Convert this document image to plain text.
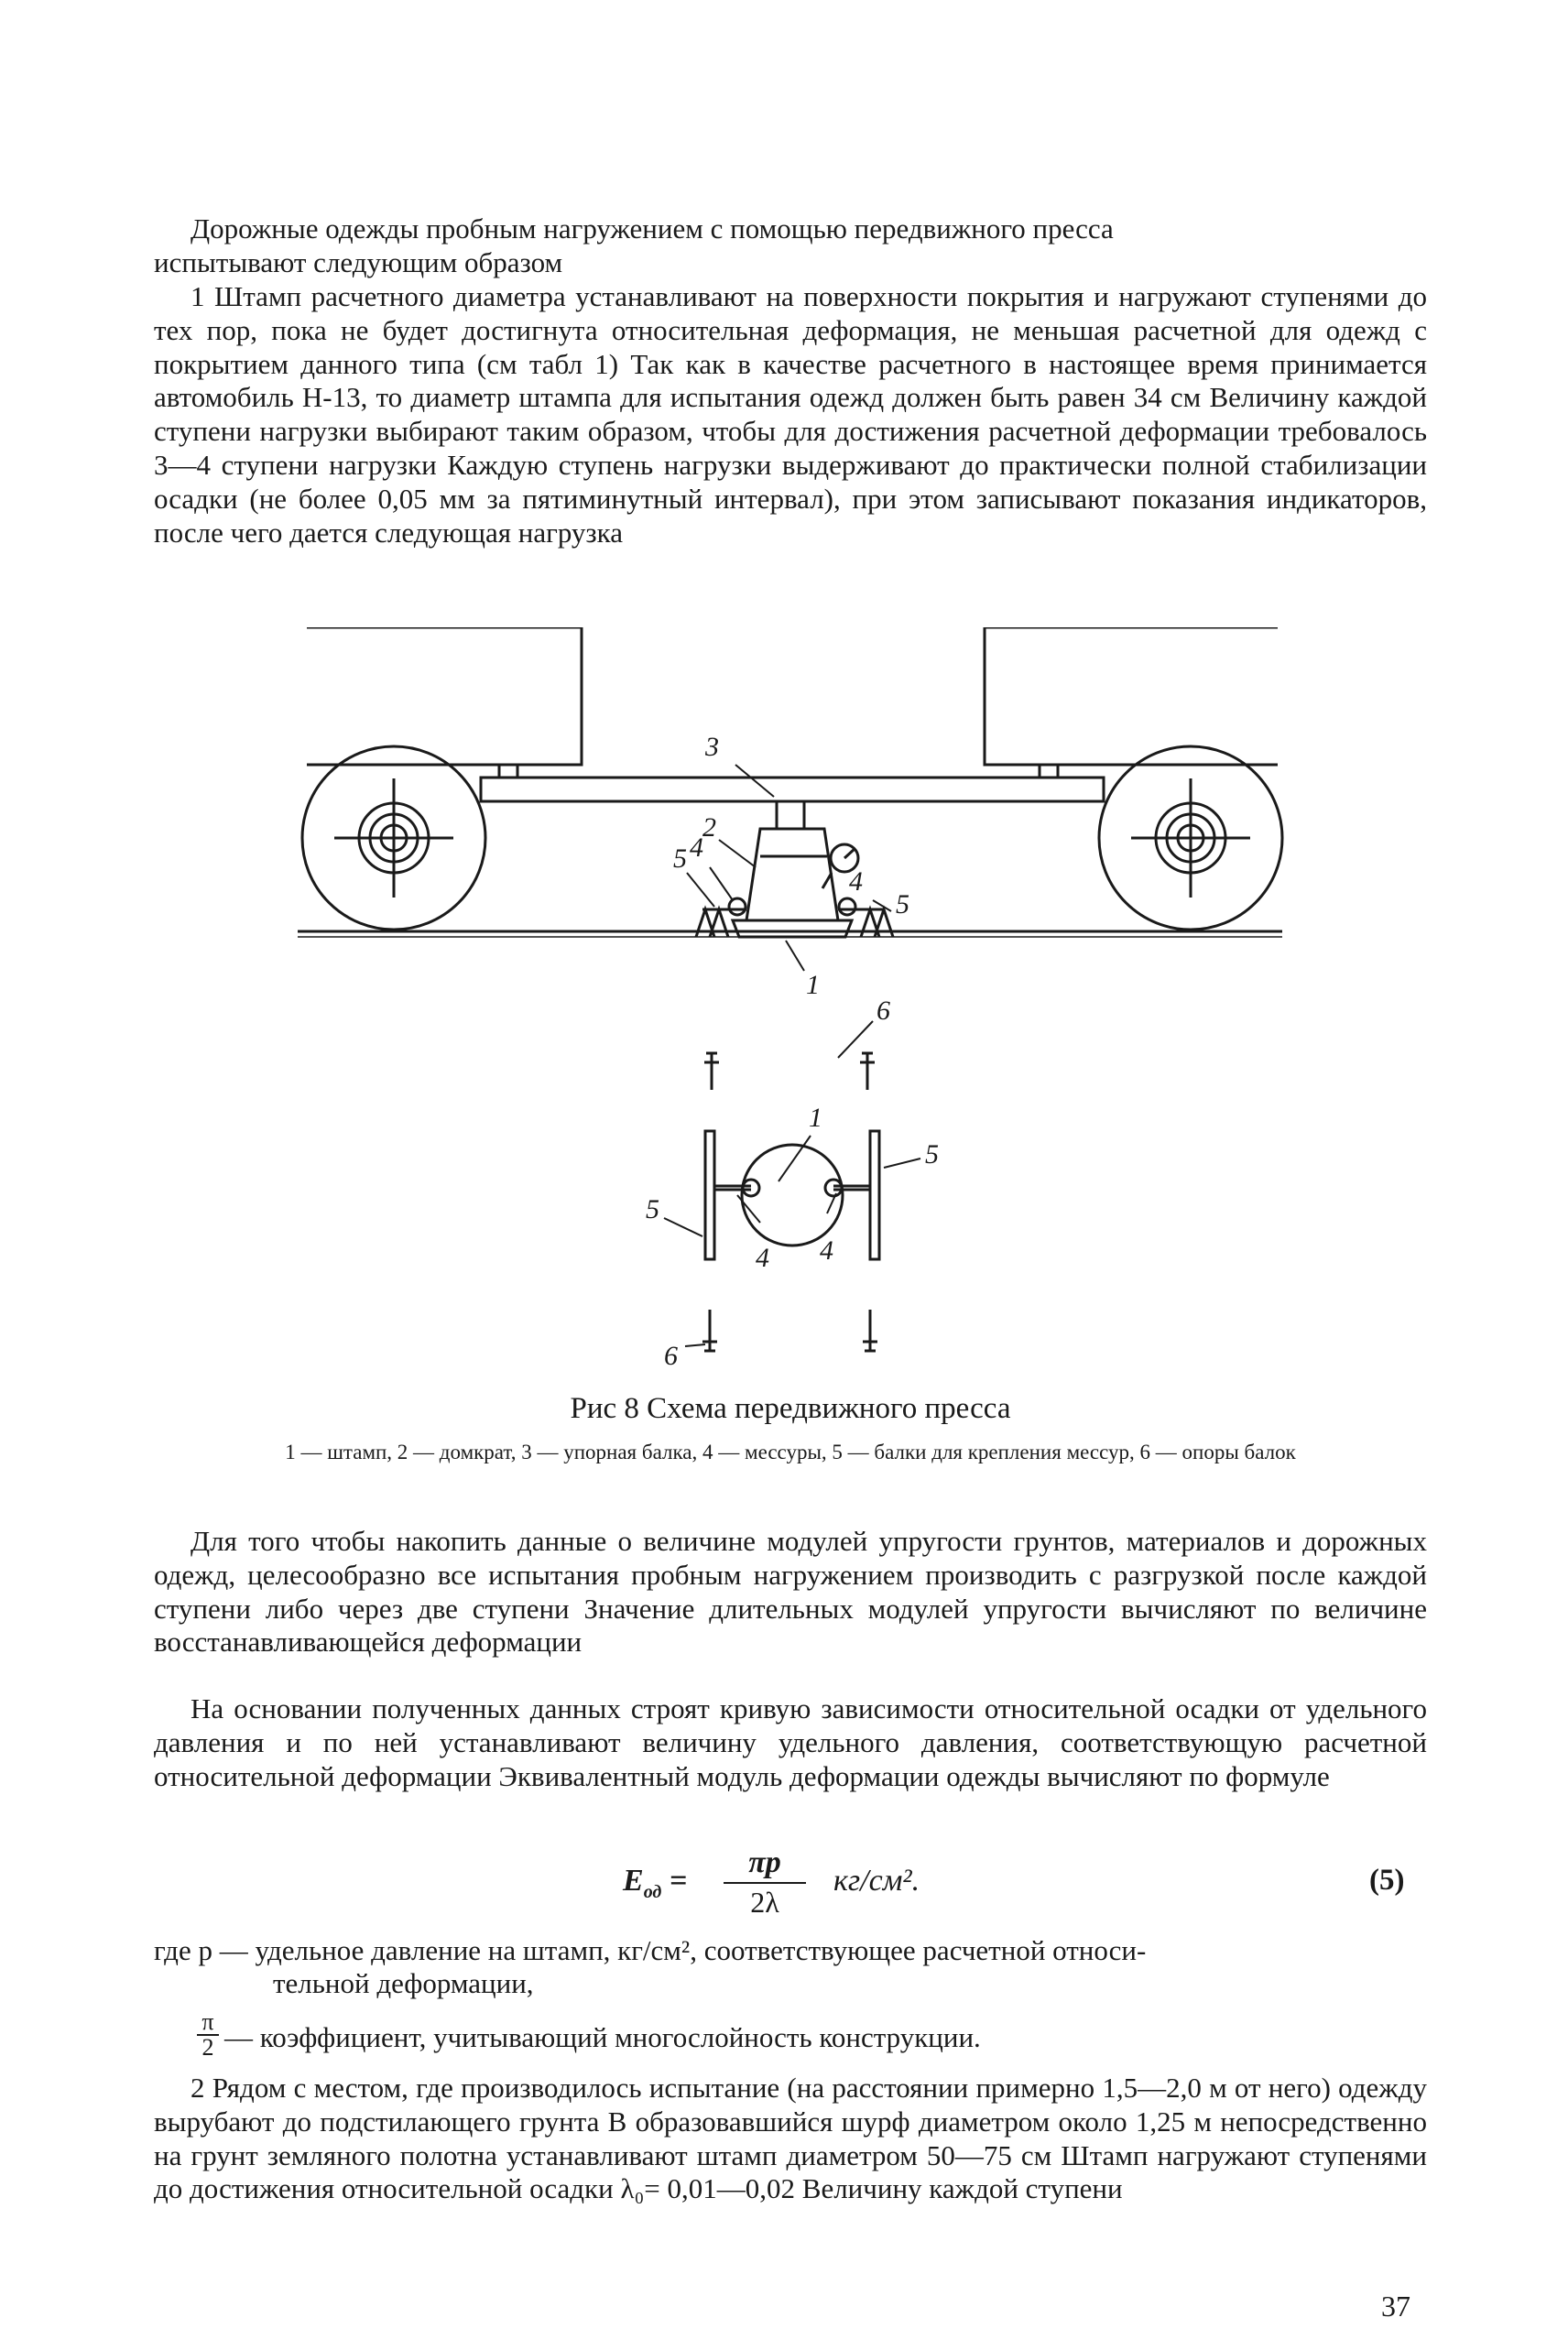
Дорожные одежды пробным нагружением с помощью передвижного пресса
испытывают следующим образом

1 Штамп расчетного диаметра устанавливают на поверхности покрытия и нагружают ступенями до тех пор, пока не будет достигнута относительная деформация, не меньшая расчетной для одежд с покрытием данного типа (см табл 1) Так как в качестве расчетного в настоящее время принимается автомобиль Н-13, то диаметр штампа для испытания одежд должен быть равен 34 см Величину каждой ступени нагрузки выбирают таким образом, чтобы для достижения расчетной деформации требовалось 3—4 ступени нагрузки Каждую ступень нагрузки выдерживают до практически полной стабилизации осадки (не более 0,05 мм за пятиминутный интервал), при этом записывают показания индикаторов, после чего дается следующая нагрузка

3
2
5 4
4
5
1
6
1
5
5
4 4
6
Рис 8 Схема передвижного пресса
1 — штамп, 2 — домкрат, 3 — упорная балка, 4 — мессуры, 5 — балки для крепления мессур, 6 — опоры балок

Для того чтобы накопить данные о величине модулей упругости грунтов, материалов и дорожных одежд, целесообразно все испытания пробным нагружением производить с разгрузкой после каждой ступени либо через две ступени Значение длительных модулей упругости вычисляют по величине восстанавливающейся деформации

На основании полученных данных строят кривую зависимости относительной осадки от удельного давления и по ней устанавливают величину удельного давления, соответствующую расчетной относительной деформации Эквивалентный модуль деформации одежды вычисляют по формуле

$E_{од}$ =
πp
2λ
кг/см².	(5)
где p — удельное давление на штамп, кг/см², соответствующее расчетной относи-
тельной деформации,
$\frac{\pi}{2}$ — коэффициент, учитывающий многослойность конструкции.

2 Рядом с местом, где производилось испытание (на расстоянии примерно 1,5—2,0 м от него) одежду вырубают до подстилающего грунта В образовавшийся шурф диаметром около 1,25 м непосредственно на грунт земляного полотна устанавливают штамп диаметром 50—75 см Штамп нагружают ступенями до достижения относительной осадки λ₀= 0,01—0,02 Величину каждой ступени

37
